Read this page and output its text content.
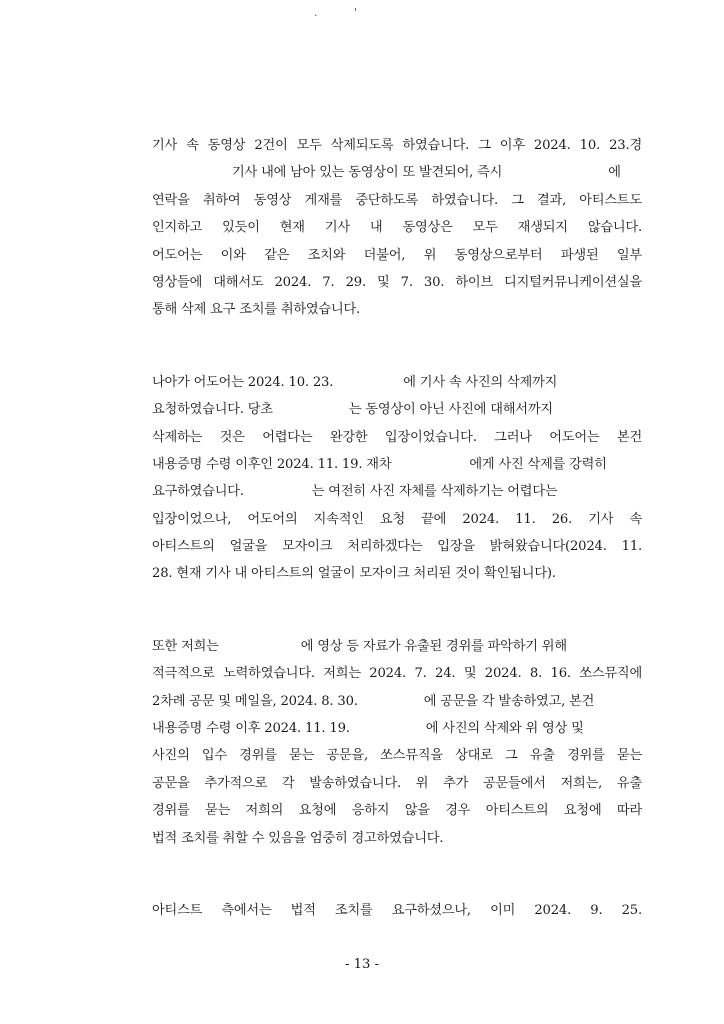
.	'
기사 속 동영상 2건이 모두 삭제되도록 하였습니다. 그 이후 2024. 10. 23.경
기사 내에 남아 있는 동영상이 또 발견되어, 즉시	에
연락을 취하여 동영상 게재를 중단하도록 하였습니다. 그 결과, 아티스트도
인지하고 있듯이 현재 기사 내 동영상은 모두 재생되지 않습니다.
어도어는 이와 같은 조치와 더불어, 위 동영상으로부터 파생된 일부
영상들에 대해서도 2024. 7. 29. 및 7. 30. 하이브 디지털커뮤니케이션실을
통해 삭제 요구 조치를 취하였습니다.
나아가 어도어는 2024. 10. 23.	에 기사 속 사진의 삭제까지
요청하였습니다. 당초	는 동영상이 아닌 사진에 대해서까지
삭제하는 것은 어렵다는 완강한 입장이었습니다. 그러나 어도어는 본건
내용증명 수령 이후인 2024. 11. 19. 재차	에게 사진 삭제를 강력히
요구하였습니다.	는 여전히 사진 자체를 삭제하기는 어렵다는
입장이었으나, 어도어의 지속적인 요청 끝에 2024. 11. 26. 기사 속
아티스트의 얼굴을 모자이크 처리하겠다는 입장을 밝혀왔습니다(2024. 11.
28. 현재 기사 내 아티스트의 얼굴이 모자이크 처리된 것이 확인됩니다).
또한 저희는	에 영상 등 자료가 유출된 경위를 파악하기 위해
적극적으로 노력하였습니다. 저희는 2024. 7. 24. 및 2024. 8. 16. 쏘스뮤직에
2차례 공문 및 메일을, 2024. 8. 30.	에 공문을 각 발송하였고, 본건
내용증명 수령 이후 2024. 11. 19.	에 사진의 삭제와 위 영상 및
사진의 입수 경위를 묻는 공문을, 쏘스뮤직을 상대로 그 유출 경위를 묻는
공문을 추가적으로 각 발송하였습니다. 위 추가 공문들에서 저희는, 유출
경위를 묻는 저희의 요청에 응하지 않을 경우 아티스트의 요청에 따라
법적 조치를 취할 수 있음을 엄중히 경고하였습니다.
아티스트 측에서는 법적 조치를 요구하셨으나, 이미 2024. 9. 25.
- 13 -
